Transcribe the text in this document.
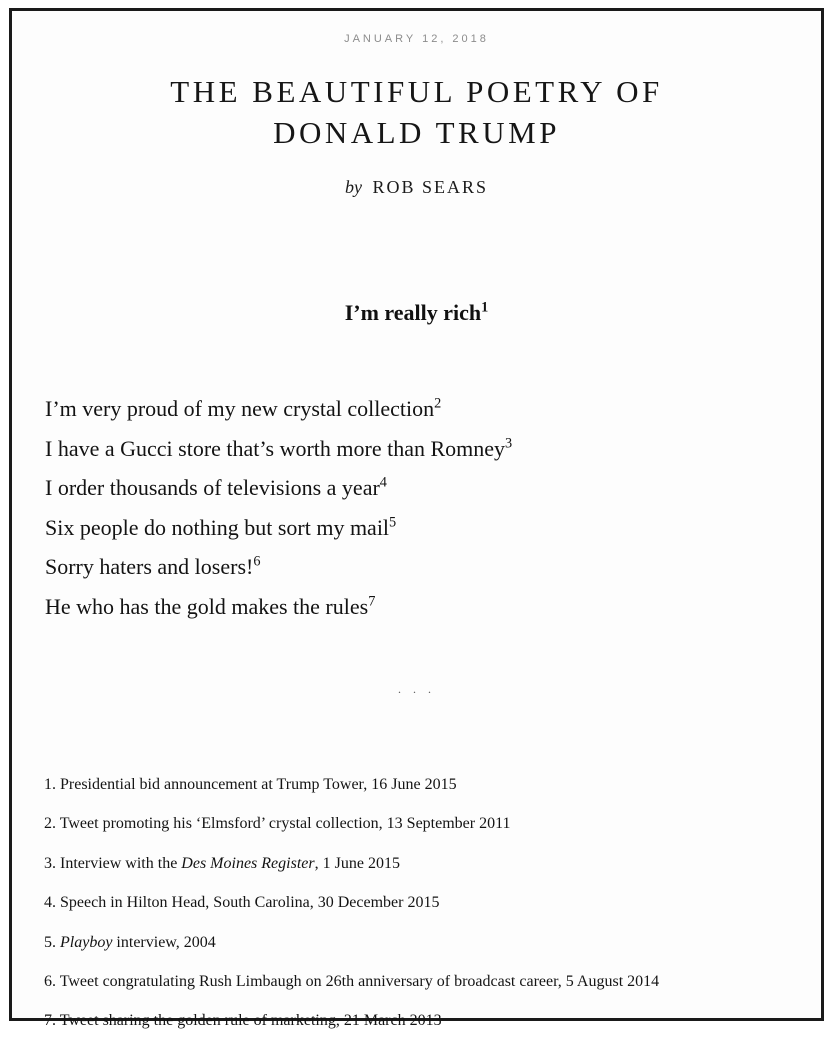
JANUARY 12, 2018
THE BEAUTIFUL POETRY OF
DONALD TRUMP
by ROB SEARS
I’m really rich$^1$
I’m very proud of my new crystal collection$^2$
I have a Gucci store that’s worth more than Romney$^3$
I order thousands of televisions a year$^4$
Six people do nothing but sort my mail$^5$
Sorry haters and losers!$^6$
He who has the gold makes the rules$^7$
· · ·
1. Presidential bid announcement at Trump Tower, 16 June 2015
2. Tweet promoting his ‘Elmsford’ crystal collection, 13 September 2011
3. Interview with the Des Moines Register, 1 June 2015
4. Speech in Hilton Head, South Carolina, 30 December 2015
5. Playboy interview, 2004
6. Tweet congratulating Rush Limbaugh on 26th anniversary of broadcast career, 5 August 2014
7. Tweet sharing the golden rule of marketing, 21 March 2013
